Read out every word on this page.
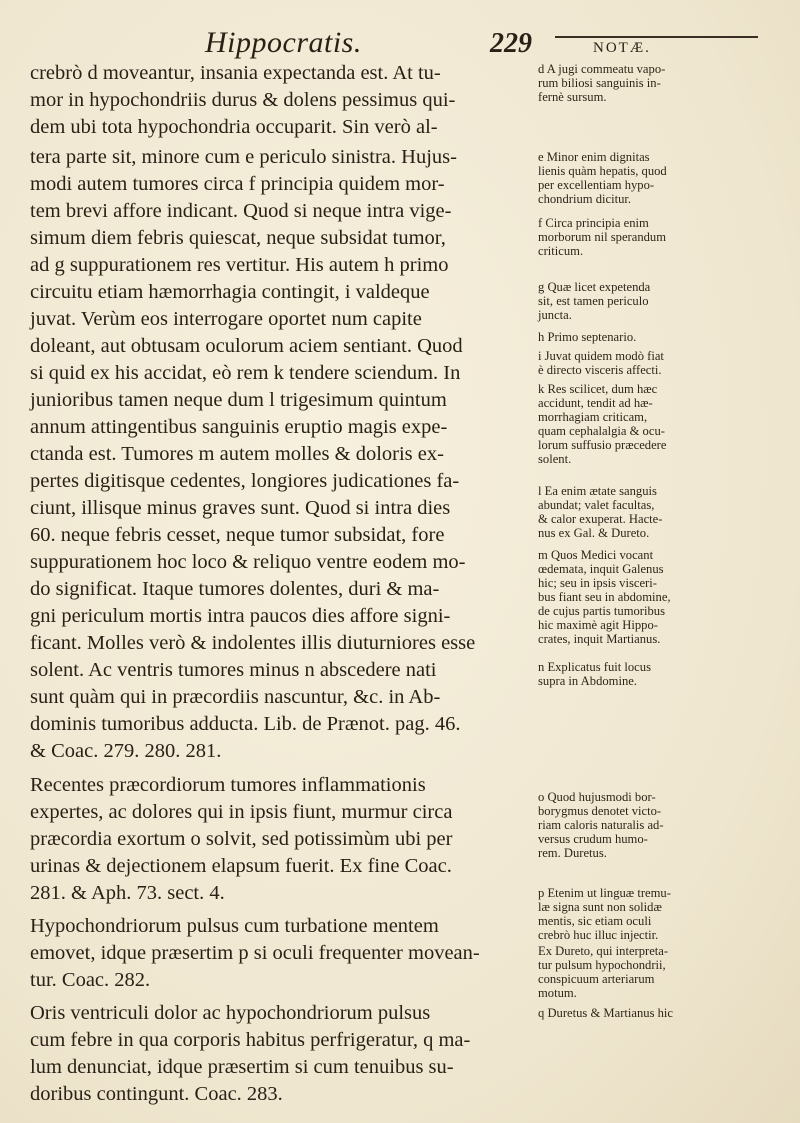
Hippocratis.	229	NOTÆ.
crebrò d moveantur, insania expectanda est. At tu-
mor in hypochondriis durus & dolens pessimus qui-
dem ubi tota hypochondria occuparit. Sin verò al-
tera parte sit, minore cum e periculo sinistra. Hujus-
modi autem tumores circa f principia quidem mor-
tem brevi affore indicant. Quod si neque intra vige-
simum diem febris quiescat, neque subsidat tumor,
ad g suppurationem res vertitur. His autem h primo
circuitu etiam hæmorrhagia contingit, i valdeque
juvat. Verùm eos interrogare oportet num capite
doleant, aut obtusam oculorum aciem sentiant. Quod
si quid ex his accidat, eò rem k tendere sciendum. In
junioribus tamen neque dum l trigesimum quintum
annum attingentibus sanguinis eruptio magis expe-
ctanda est. Tumores m autem molles & doloris ex-
pertes digitisque cedentes, longiores judicationes fa-
ciunt, illisque minus graves sunt. Quod si intra dies
60. neque febris cesset, neque tumor subsidat, fore
suppurationem hoc loco & reliquo ventre eodem mo-
do significat. Itaque tumores dolentes, duri & ma-
gni periculum mortis intra paucos dies affore signi-
ficant. Molles verò & indolentes illis diuturniores esse
solent. Ac ventris tumores minus n abscedere nati
sunt quàm qui in præcordiis nascuntur, &c. in Ab-
dominis tumoribus adducta. Lib. de Prænot. pag. 46.
& Coac. 279. 280. 281.
Recentes præcordiorum tumores inflammationis
expertes, ac dolores qui in ipsis fiunt, murmur circa
præcordia exortum o solvit, sed potissimùm ubi per
urinas & dejectionem elapsum fuerit. Ex fine Coac.
281. & Aph. 73. sect. 4.
Hypochondriorum pulsus cum turbatione mentem
emovet, idque præsertim p si oculi frequenter movean-
tur. Coac. 282.
Oris ventriculi dolor ac hypochondriorum pulsus
cum febre in qua corporis habitus perfrigeratur, q ma-
lum denunciat, idque præsertim si cum tenuibus su-
doribus contingunt. Coac. 283.
d A jugi commeatu vapo-
rum biliosi sanguinis in-
fernè sursum.
e Minor enim dignitas
lienis quàm hepatis, quod
per excellentiam hypo-
chondrium dicitur.
f Circa principia enim
morborum nil sperandum
criticum.
g Quæ licet expetenda
sit, est tamen periculo
juncta.
h Primo septenario.
i Juvat quidem modò fiat
è directo visceris affecti.
k Res scilicet, dum hæc
accidunt, tendit ad hæ-
morrhagiam criticam,
quam cephalalgia & ocu-
lorum suffusio præcedere
solent.
l Ea enim ætate sanguis
abundat; valet facultas,
& calor exuperat. Hacte-
nus ex Gal. & Dureto.
m Quos Medici vocant
œdemata, inquit Galenus
hic; seu in ipsis visceri-
bus fiant seu in abdomine,
de cujus partis tumoribus
hic maximè agit Hippo-
crates, inquit Martianus.
n Explicatus fuit locus
supra in Abdomine.
o Quod hujusmodi bor-
borygmus denotet victo-
riam caloris naturalis ad-
versus crudum humo-
rem. Duretus.
p Etenim ut linguæ tremu-
læ signa sunt non solidæ
mentis, sic etiam oculi
crebrò huc illuc injectir.
Ex Dureto, qui interpreta-
tur pulsum hypochondrii,
conspicuum arteriarum
motum.
q Duretus & Martianus hic
